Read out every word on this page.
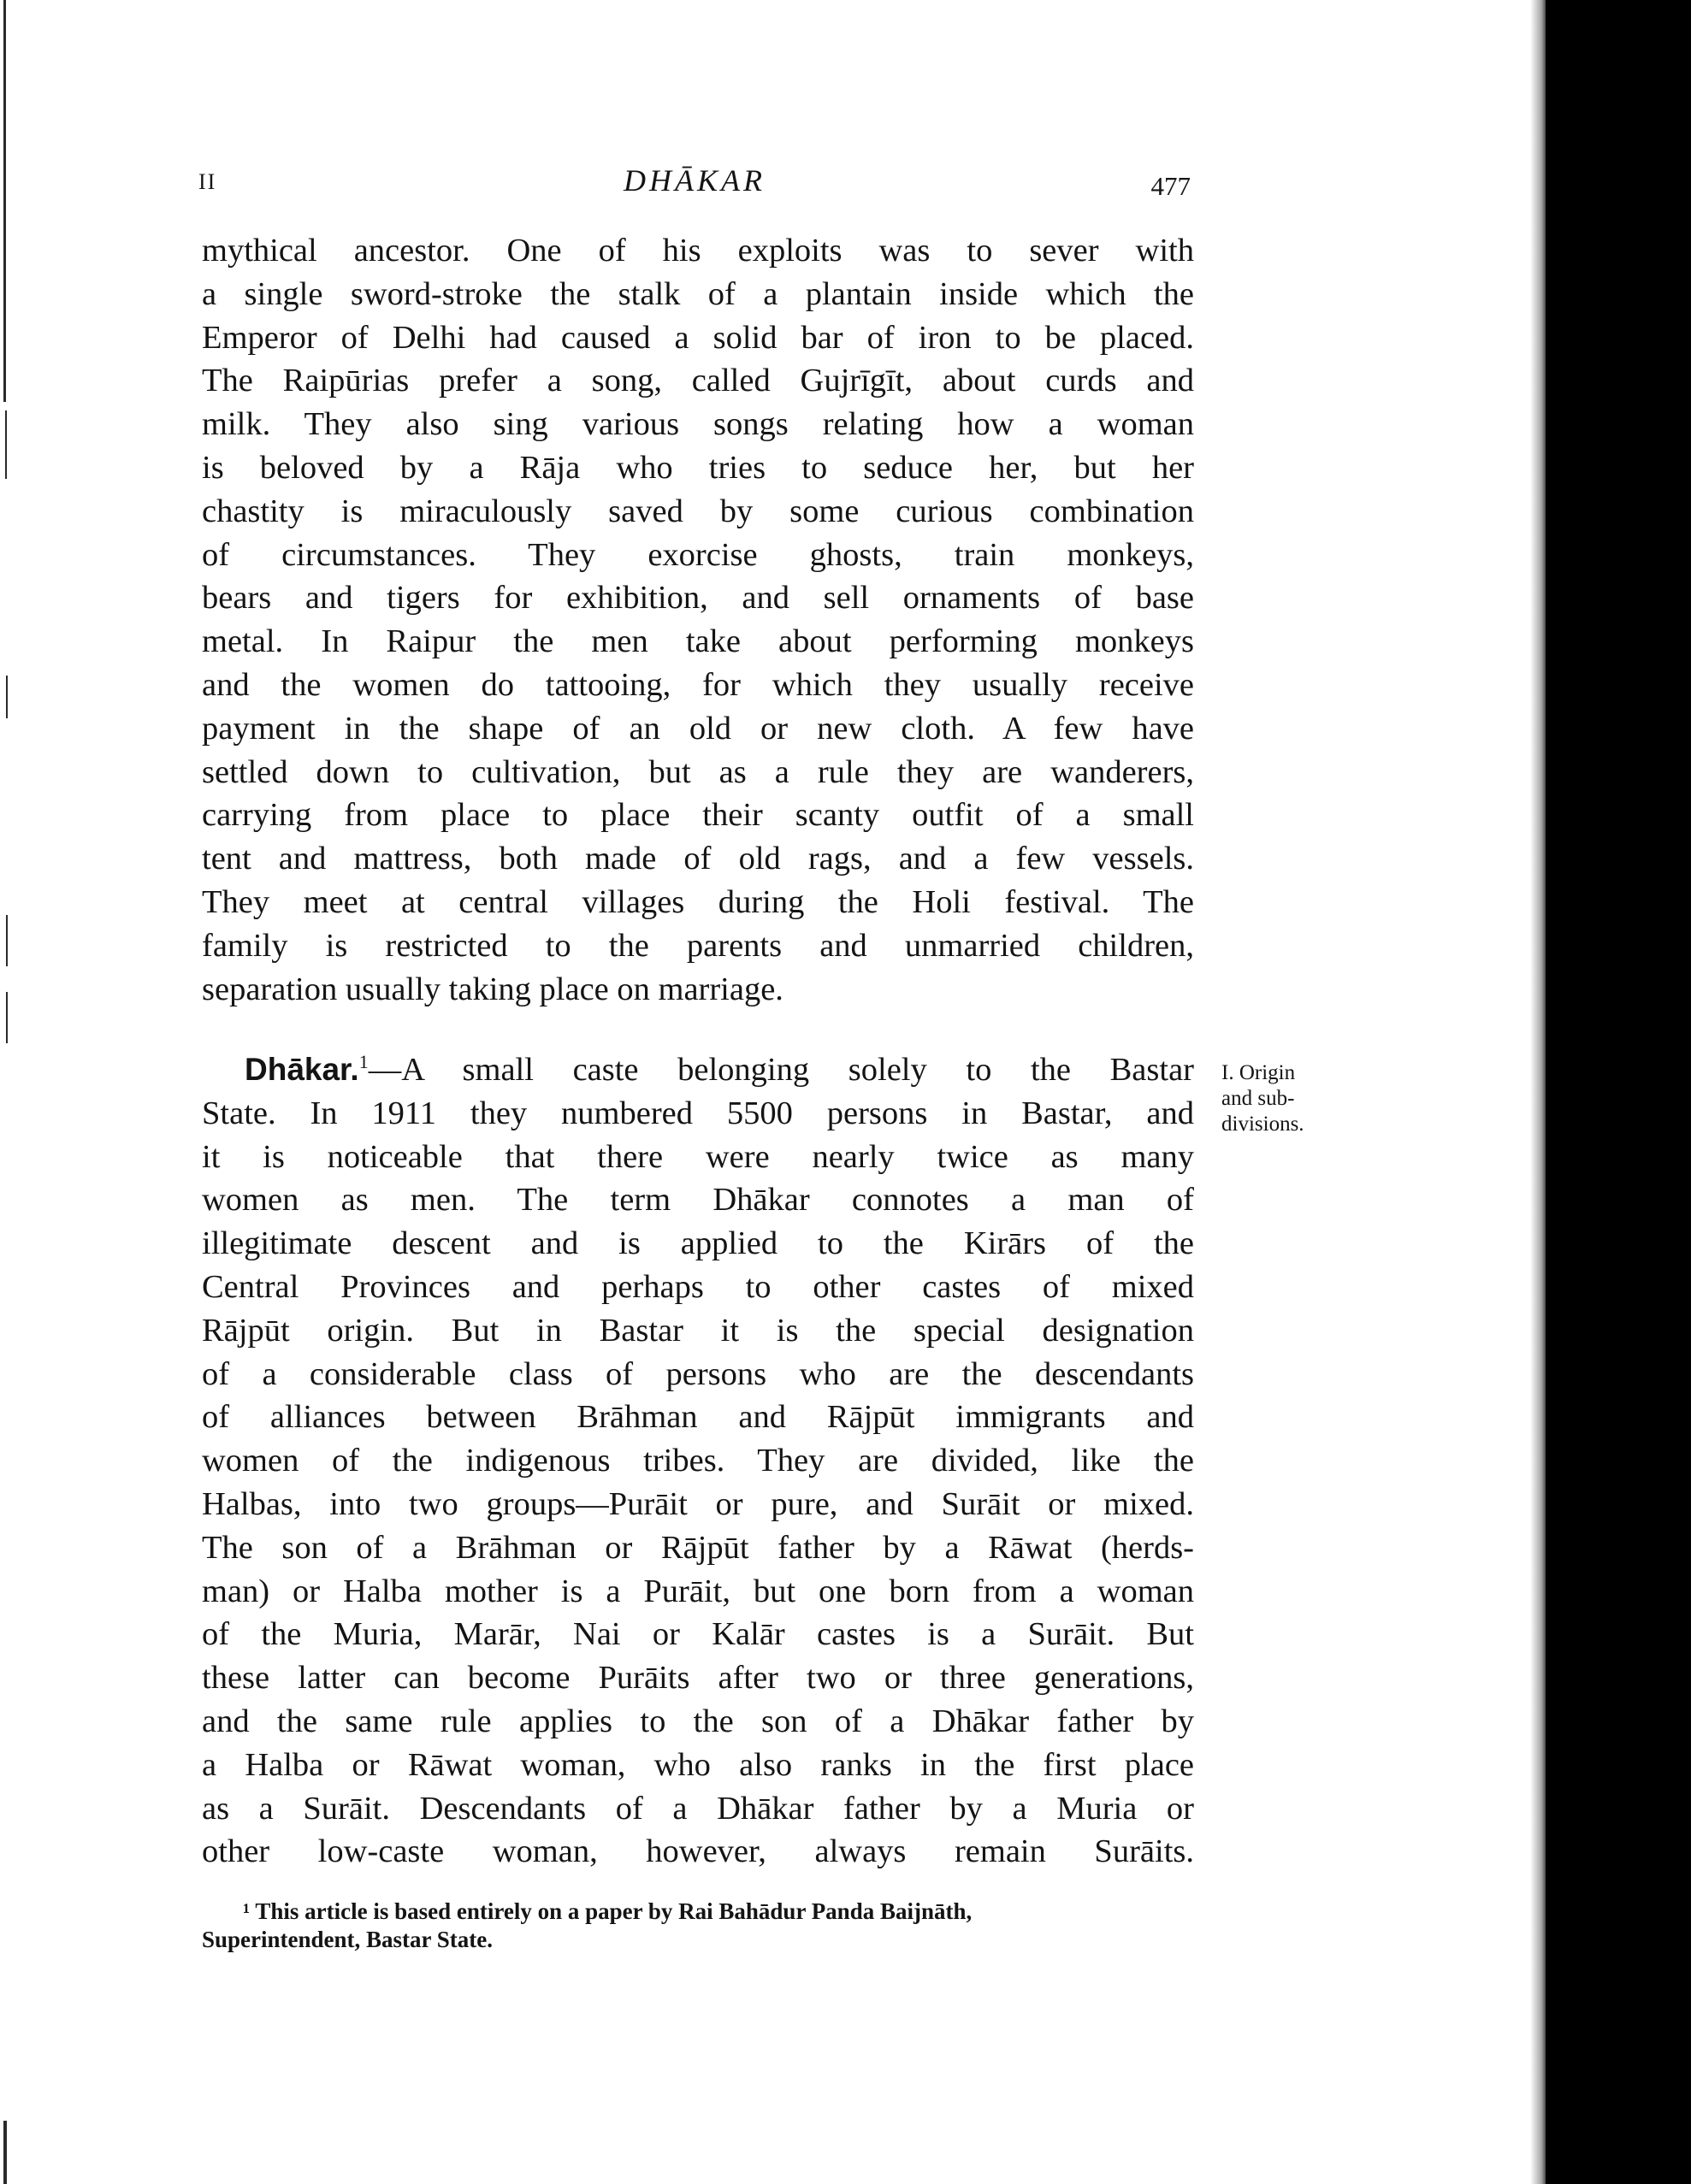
II	DHĀKAR	477
mythical ancestor. One of his exploits was to sever with
a single sword-stroke the stalk of a plantain inside which the
Emperor of Delhi had caused a solid bar of iron to be placed.
The Raipūrias prefer a song, called Gujrīgīt, about curds and
milk. They also sing various songs relating how a woman
is beloved by a Rāja who tries to seduce her, but her
chastity is miraculously saved by some curious combination
of circumstances. They exorcise ghosts, train monkeys,
bears and tigers for exhibition, and sell ornaments of base
metal. In Raipur the men take about performing monkeys
and the women do tattooing, for which they usually receive
payment in the shape of an old or new cloth. A few have
settled down to cultivation, but as a rule they are wanderers,
carrying from place to place their scanty outfit of a small
tent and mattress, both made of old rags, and a few vessels.
They meet at central villages during the Holi festival. The
family is restricted to the parents and unmarried children,
separation usually taking place on marriage.
Dhākar.$^1$—A small caste belonging solely to the Bastar
State. In 1911 they numbered 5500 persons in Bastar, and
it is noticeable that there were nearly twice as many
women as men. The term Dhākar connotes a man of
illegitimate descent and is applied to the Kirārs of the
Central Provinces and perhaps to other castes of mixed
Rājpūt origin. But in Bastar it is the special designation
of a considerable class of persons who are the descendants
of alliances between Brāhman and Rājpūt immigrants and
women of the indigenous tribes. They are divided, like the
Halbas, into two groups—Purāit or pure, and Surāit or mixed.
The son of a Brāhman or Rājpūt father by a Rāwat (herds-
man) or Halba mother is a Purāit, but one born from a woman
of the Muria, Marār, Nai or Kalār castes is a Surāit. But
these latter can become Purāits after two or three generations,
and the same rule applies to the son of a Dhākar father by
a Halba or Rāwat woman, who also ranks in the first place
as a Surāit. Descendants of a Dhākar father by a Muria or
other low-caste woman, however, always remain Surāits.
I. Origin
and sub-
divisions.
¹ This article is based entirely on a paper by Rai Bahādur Panda Baijnāth,
Superintendent, Bastar State.
